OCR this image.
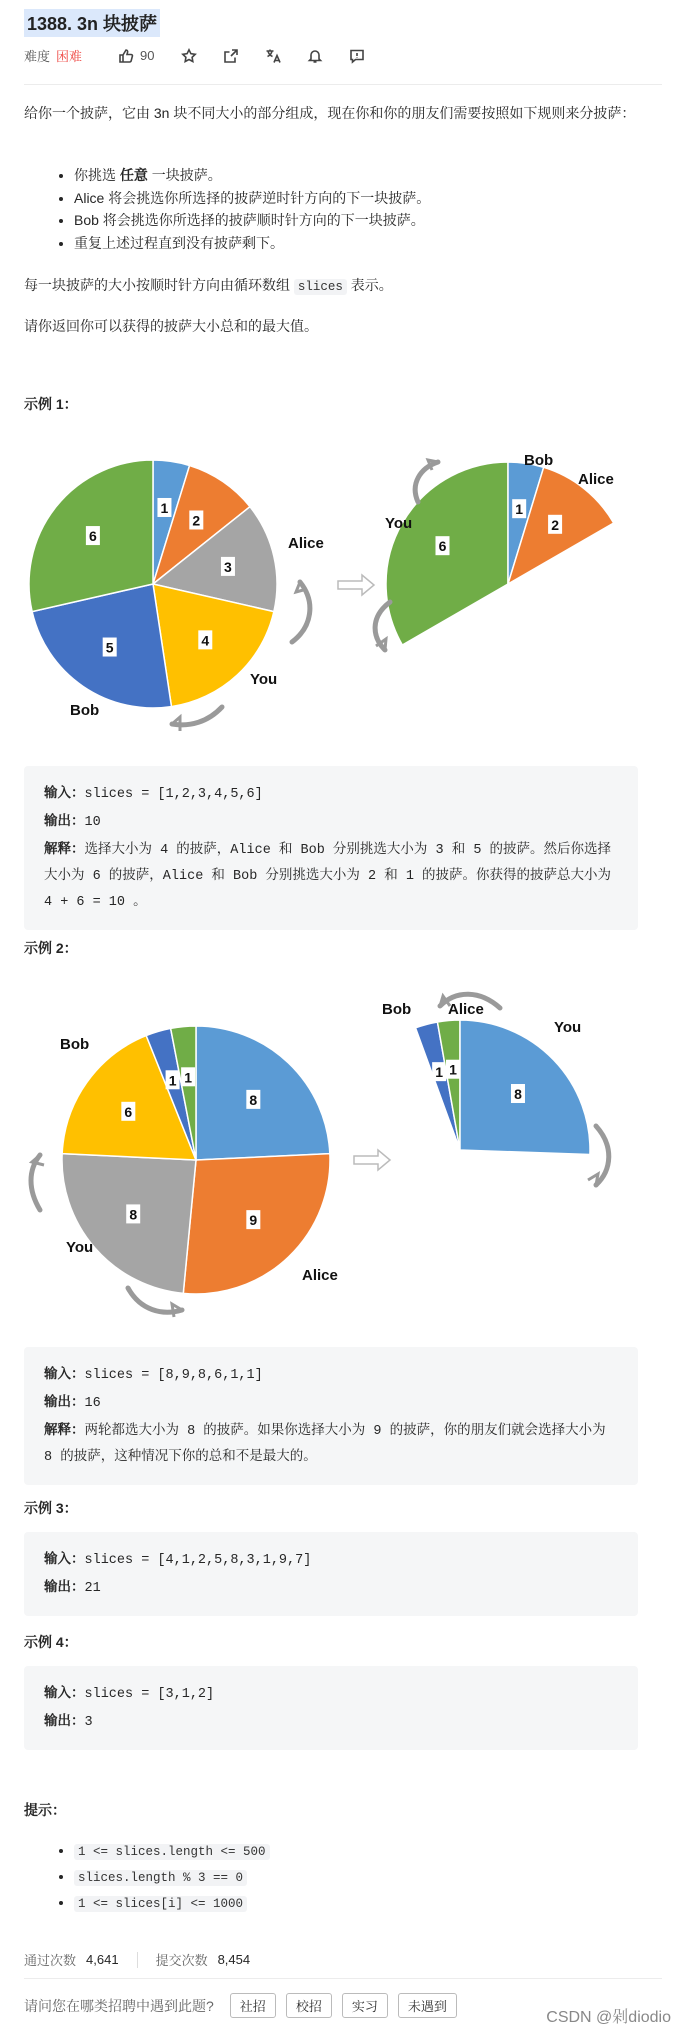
1388. 3n 块披萨
难度 困难	90
给你一个披萨，它由 3n 块不同大小的部分组成，现在你和你的朋友们需要按照如下规则来分披萨：
• 你挑选 任意 一块披萨。
• Alice 将会挑选你所选择的披萨逆时针方向的下一块披萨。
• Bob 将会挑选你所选择的披萨顺时针方向的下一块披萨。
• 重复上述过程直到没有披萨剩下。
每一块披萨的大小按顺时针方向由循环数组 slices 表示。
请你返回你可以获得的披萨大小总和的最大值。
示例 1：
1
2
3
4
5
6
6
1
2
Alice
You
Bob
Bob
Alice
You
输入：slices = [1,2,3,4,5,6]
输出：10
解释：选择大小为 4 的披萨，Alice 和 Bob 分别挑选大小为 3 和 5 的披萨。然后你选择大小为 6 的披萨，Alice 和 Bob 分别挑选大小为 2 和 1 的披萨。你获得的披萨总大小为 4 + 6 = 10 。
示例 2：
8
9
8
6
1 1	1 1
8
Bob
You
Alice
Bob Alice
You
输入：slices = [8,9,8,6,1,1]
输出：16
解释：两轮都选大小为 8 的披萨。如果你选择大小为 9 的披萨，你的朋友们就会选择大小为 8 的披萨，这种情况下你的总和不是最大的。
示例 3：
输入：slices = [4,1,2,5,8,3,1,9,7]
输出：21
示例 4：
输入：slices = [3,1,2]
输出：3
提示：
• 1 <= slices.length <= 500
• slices.length % 3 == 0
• 1 <= slices[i] <= 1000
通过次数 4,641	提交次数 8,454
请问您在哪类招聘中遇到此题?	社招	校招	实习	未遇到
CSDN @剁diodio
